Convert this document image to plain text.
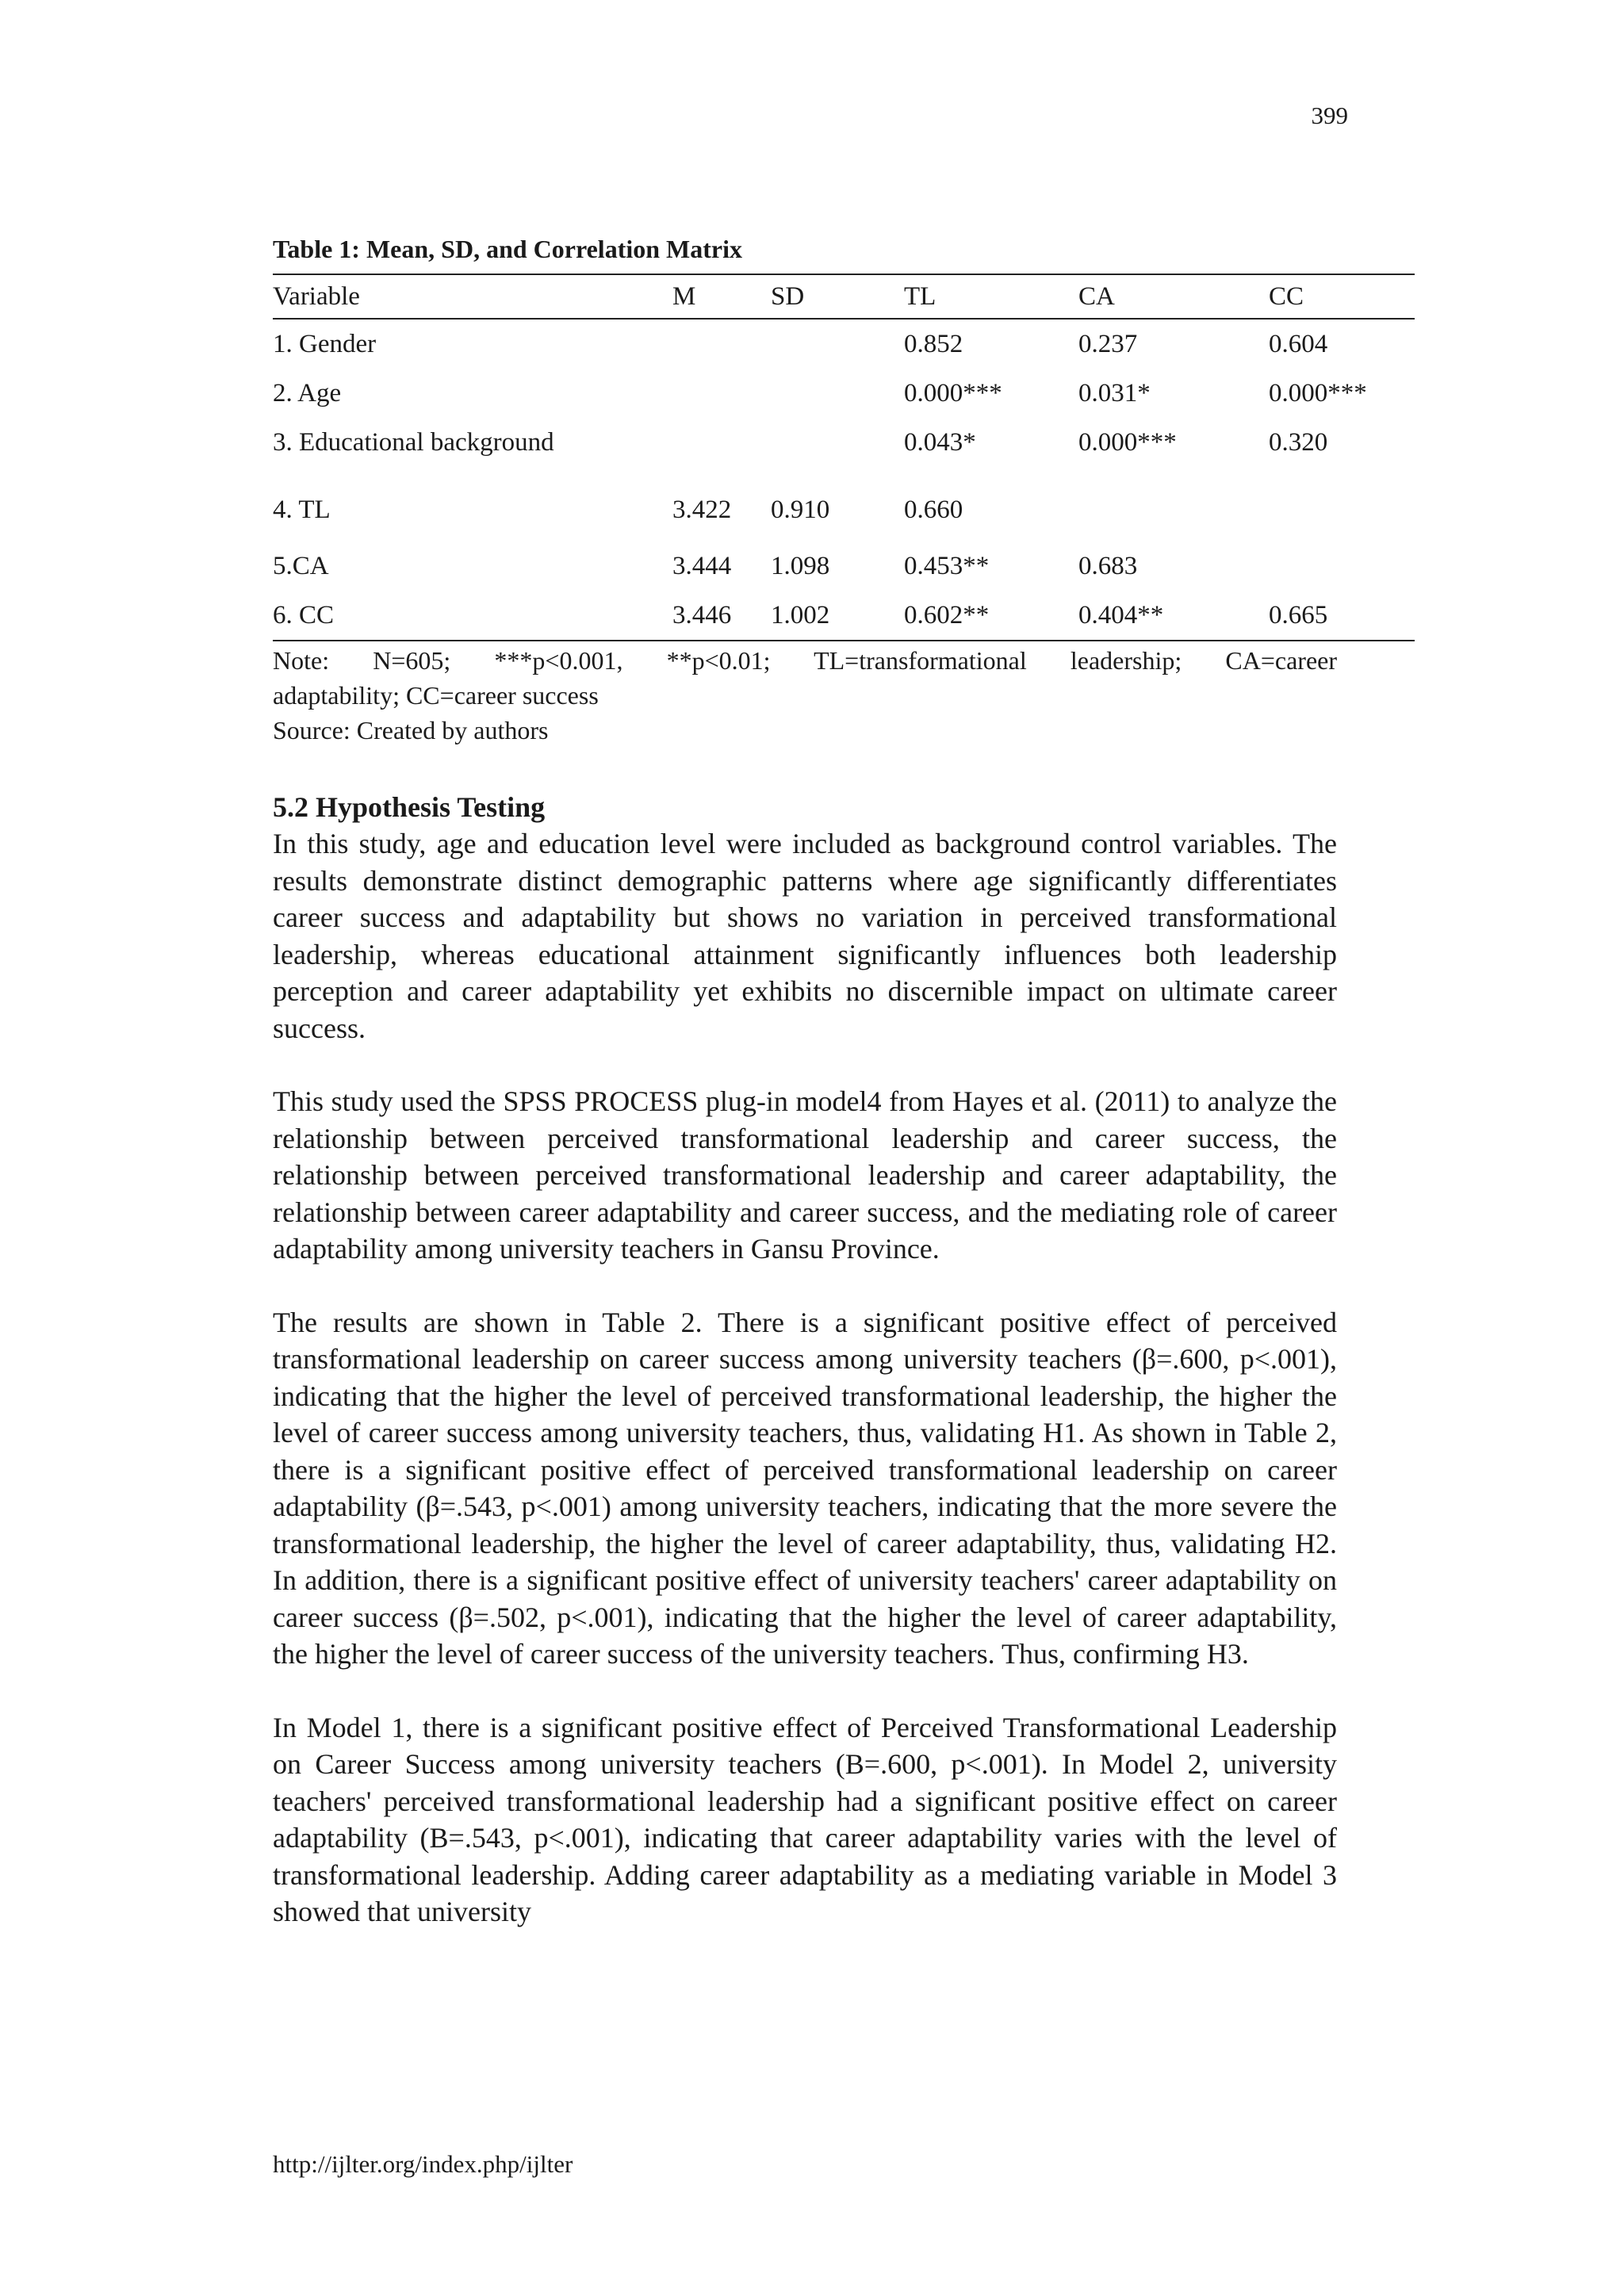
399
Table 1: Mean, SD, and Correlation Matrix
Variable	M	SD	TL	CA	CC
1. Gender			0.852	0.237	0.604
2. Age			0.000***	0.031*	0.000***
3. Educational background			0.043*	0.000***	0.320
4. TL	3.422	0.910	0.660		
5.CA	3.444	1.098	0.453**	0.683	
6. CC	3.446	1.002	0.602**	0.404**	0.665
Note: N=605; ***p<0.001, **p<0.01; TL=transformational leadership; CA=career
adaptability; CC=career success
Source: Created by authors
5.2 Hypothesis Testing

In this study, age and education level were included as background control variables. The results demonstrate distinct demographic patterns where age significantly differentiates career success and adaptability but shows no variation in perceived transformational leadership, whereas educational attainment significantly influences both leadership perception and career adaptability yet exhibits no discernible impact on ultimate career success.

This study used the SPSS PROCESS plug-in model4 from Hayes et al. (2011) to analyze the relationship between perceived transformational leadership and career success, the relationship between perceived transformational leadership and career adaptability, the relationship between career adaptability and career success, and the mediating role of career adaptability among university teachers in Gansu Province.

The results are shown in Table 2. There is a significant positive effect of perceived transformational leadership on career success among university teachers (β=.600, p<.001), indicating that the higher the level of perceived transformational leadership, the higher the level of career success among university teachers, thus, validating H1. As shown in Table 2, there is a significant positive effect of perceived transformational leadership on career adaptability (β=.543, p<.001) among university teachers, indicating that the more severe the transformational leadership, the higher the level of career adaptability, thus, validating H2. In addition, there is a significant positive effect of university teachers' career adaptability on career success (β=.502, p<.001), indicating that the higher the level of career adaptability, the higher the level of career success of the university teachers. Thus, confirming H3.

In Model 1, there is a significant positive effect of Perceived Transformational Leadership on Career Success among university teachers (Β=.600, p<.001). In Model 2, university teachers' perceived transformational leadership had a significant positive effect on career adaptability (Β=.543, p<.001), indicating that career adaptability varies with the level of transformational leadership. Adding career adaptability as a mediating variable in Model 3 showed that university

http://ijlter.org/index.php/ijlter
